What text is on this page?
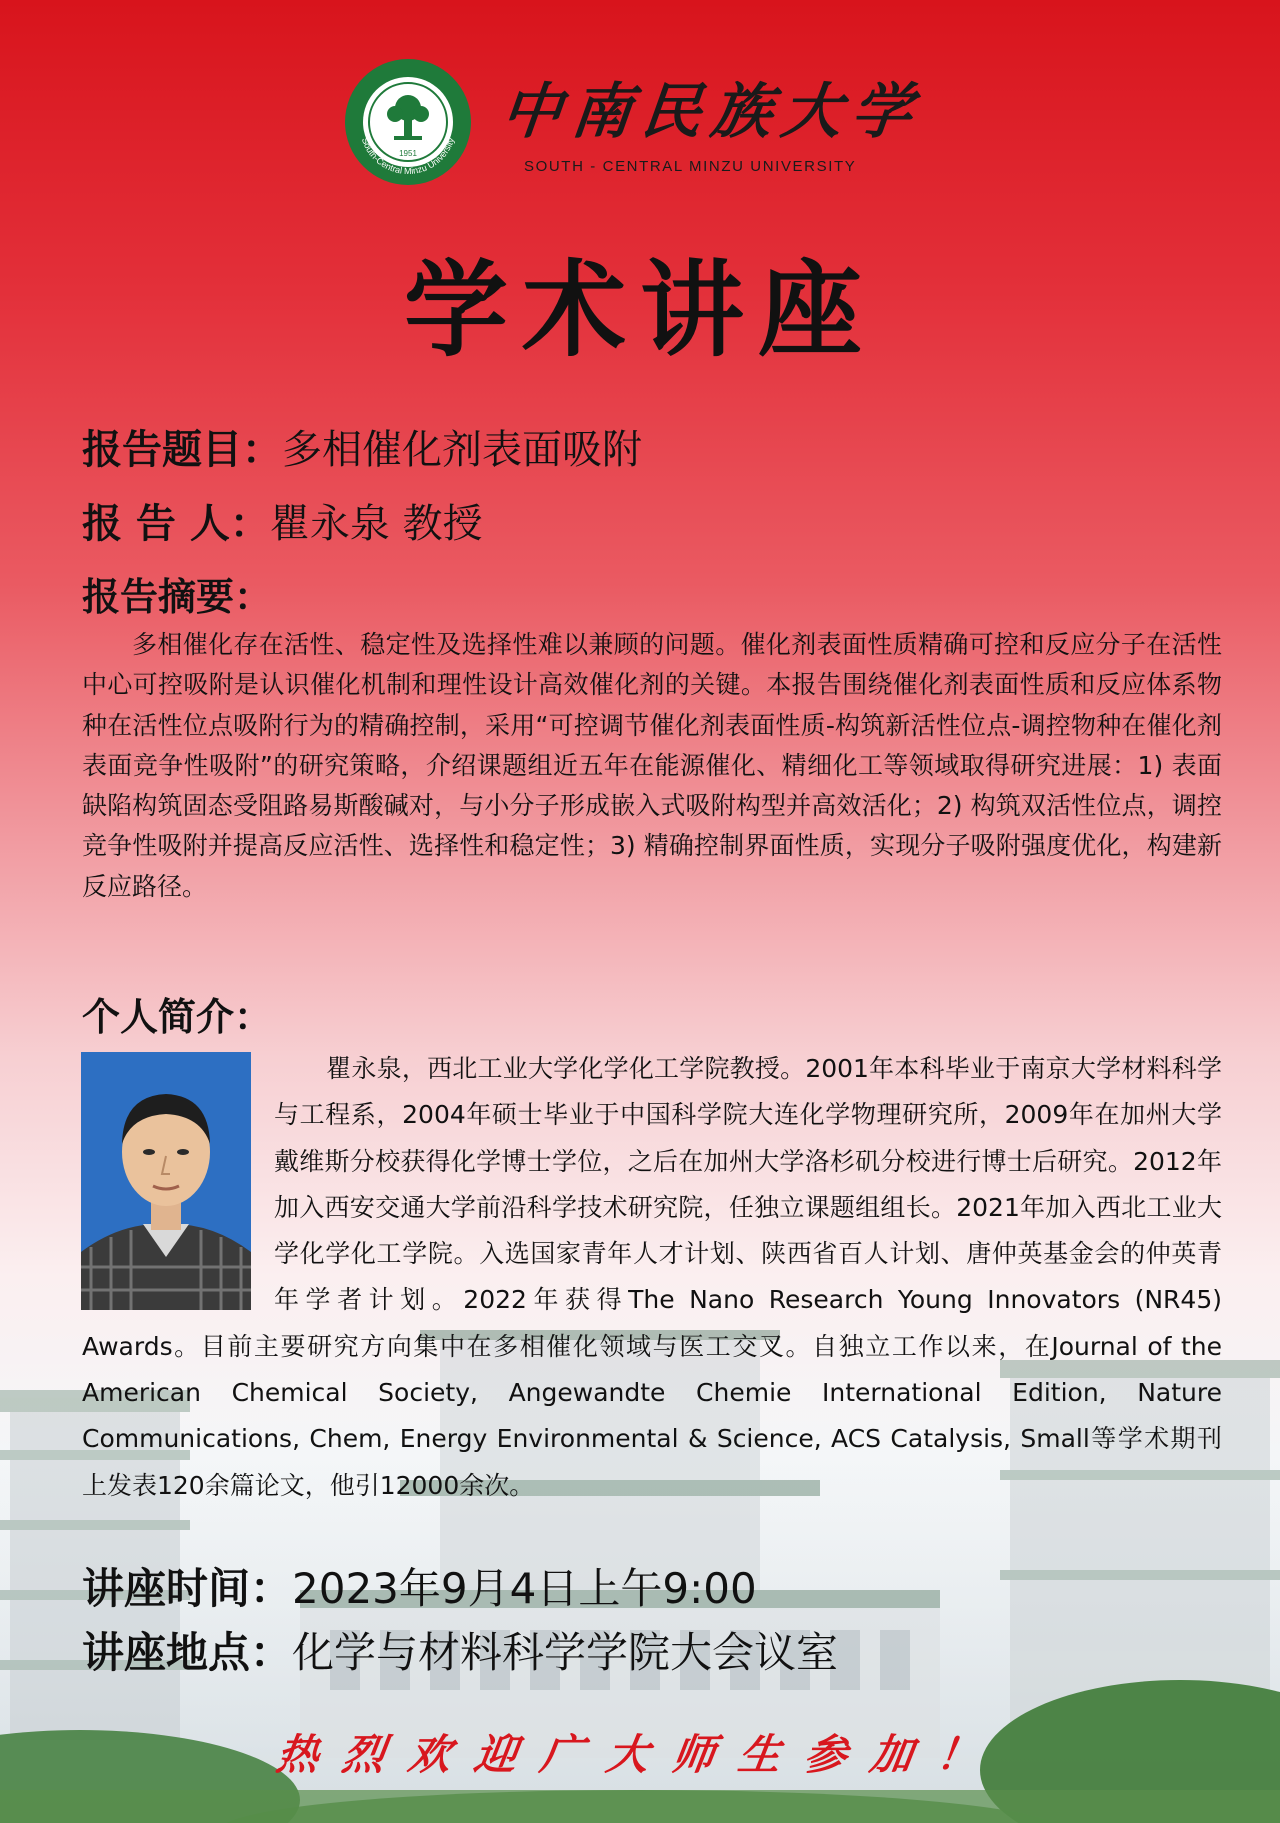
1951
South-Central Minzu University 中南民族大学
SOUTH - CENTRAL MINZU UNIVERSITY
学术讲座
报告题目：多相催化剂表面吸附
报 告 人：瞿永泉 教授
报告摘要：
多相催化存在活性、稳定性及选择性难以兼顾的问题。催化剂表面性质精确可控和反应分子在活性中心可控吸附是认识催化机制和理性设计高效催化剂的关键。本报告围绕催化剂表面性质和反应体系物种在活性位点吸附行为的精确控制，采用“可控调节催化剂表面性质-构筑新活性位点-调控物种在催化剂表面竞争性吸附”的研究策略，介绍课题组近五年在能源催化、精细化工等领域取得研究进展：1) 表面缺陷构筑固态受阻路易斯酸碱对，与小分子形成嵌入式吸附构型并高效活化；2) 构筑双活性位点，调控竞争性吸附并提高反应活性、选择性和稳定性；3) 精确控制界面性质，实现分子吸附强度优化，构建新反应路径。
个人简介：
瞿永泉，西北工业大学化学化工学院教授。2001年本科毕业于南京大学材料科学与工程系，2004年硕士毕业于中国科学院大连化学物理研究所，2009年在加州大学戴维斯分校获得化学博士学位，之后在加州大学洛杉矶分校进行博士后研究。2012年加入西安交通大学前沿科学技术研究院，任独立课题组组长。2021年加入西北工业大学化学化工学院。入选国家青年人才计划、陕西省百人计划、唐仲英基金会的仲英青年学者计划。2022年获得The Nano Research Young Innovators (NR45) Awards。目前主要研究方向集中在多相催化领域与医工交叉。自独立工作以来，在Journal of the American Chemical Society, Angewandte Chemie International Edition, Nature Communications, Chem, Energy Environmental & Science, ACS Catalysis, Small等学术期刊上发表120余篇论文，他引12000余次。
讲座时间：2023年9月4日上午9:00
讲座地点：化学与材料科学学院大会议室
热烈欢迎广大师生参加！
